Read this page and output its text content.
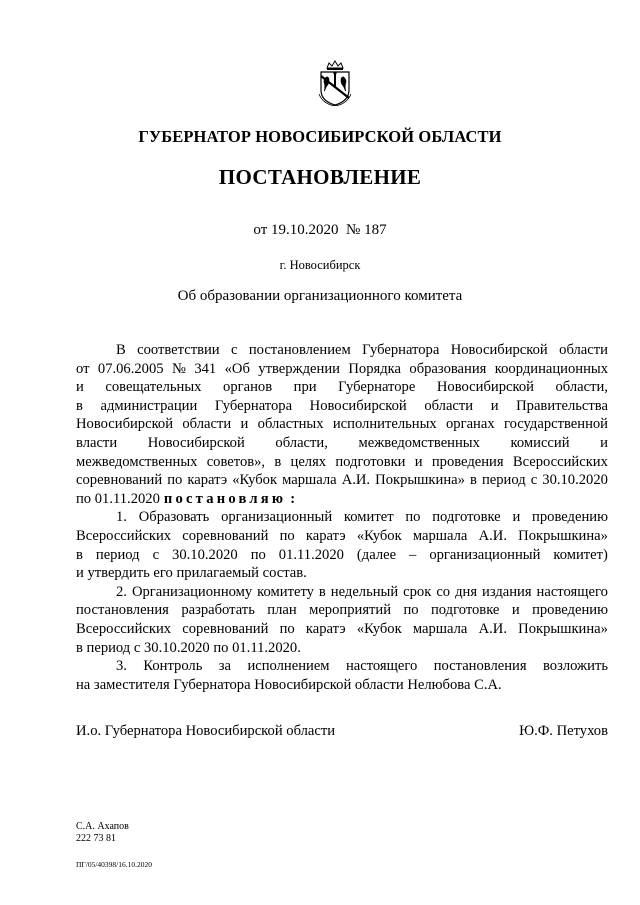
ГУБЕРНАТОР НОВОСИБИРСКОЙ ОБЛАСТИ
ПОСТАНОВЛЕНИЕ
от 19.10.2020  № 187
г. Новосибирск
Об образовании организационного комитета
В соответствии с постановлением Губернатора Новосибирской области
от 07.06.2005 № 341 «Об утверждении Порядка образования координационных
и совещательных органов при Губернаторе Новосибирской области,
в администрации Губернатора Новосибирской области и Правительства
Новосибирской области и областных исполнительных органах государственной
власти Новосибирской области, межведомственных комиссий и
межведомственных советов», в целях подготовки и проведения Всероссийских
соревнований по каратэ «Кубок маршала А.И. Покрышкина» в период с 30.10.2020
по 01.11.2020 постановляю :
1. Образовать организационный комитет по подготовке и проведению
Всероссийских соревнований по каратэ «Кубок маршала А.И. Покрышкина»
в период с 30.10.2020 по 01.11.2020 (далее – организационный комитет)
и утвердить его прилагаемый состав.
2. Организационному комитету в недельный срок со дня издания настоящего
постановления разработать план мероприятий по подготовке и проведению
Всероссийских соревнований по каратэ «Кубок маршала А.И. Покрышкина»
в период с 30.10.2020 по 01.11.2020.
3. Контроль за исполнением настоящего постановления возложить
на заместителя Губернатора Новосибирской области Нелюбова С.А.
И.о. Губернатора Новосибирской области	Ю.Ф. Петухов
С.А. Ахапов
222 73 81
ПГ/05/40398/16.10.2020
